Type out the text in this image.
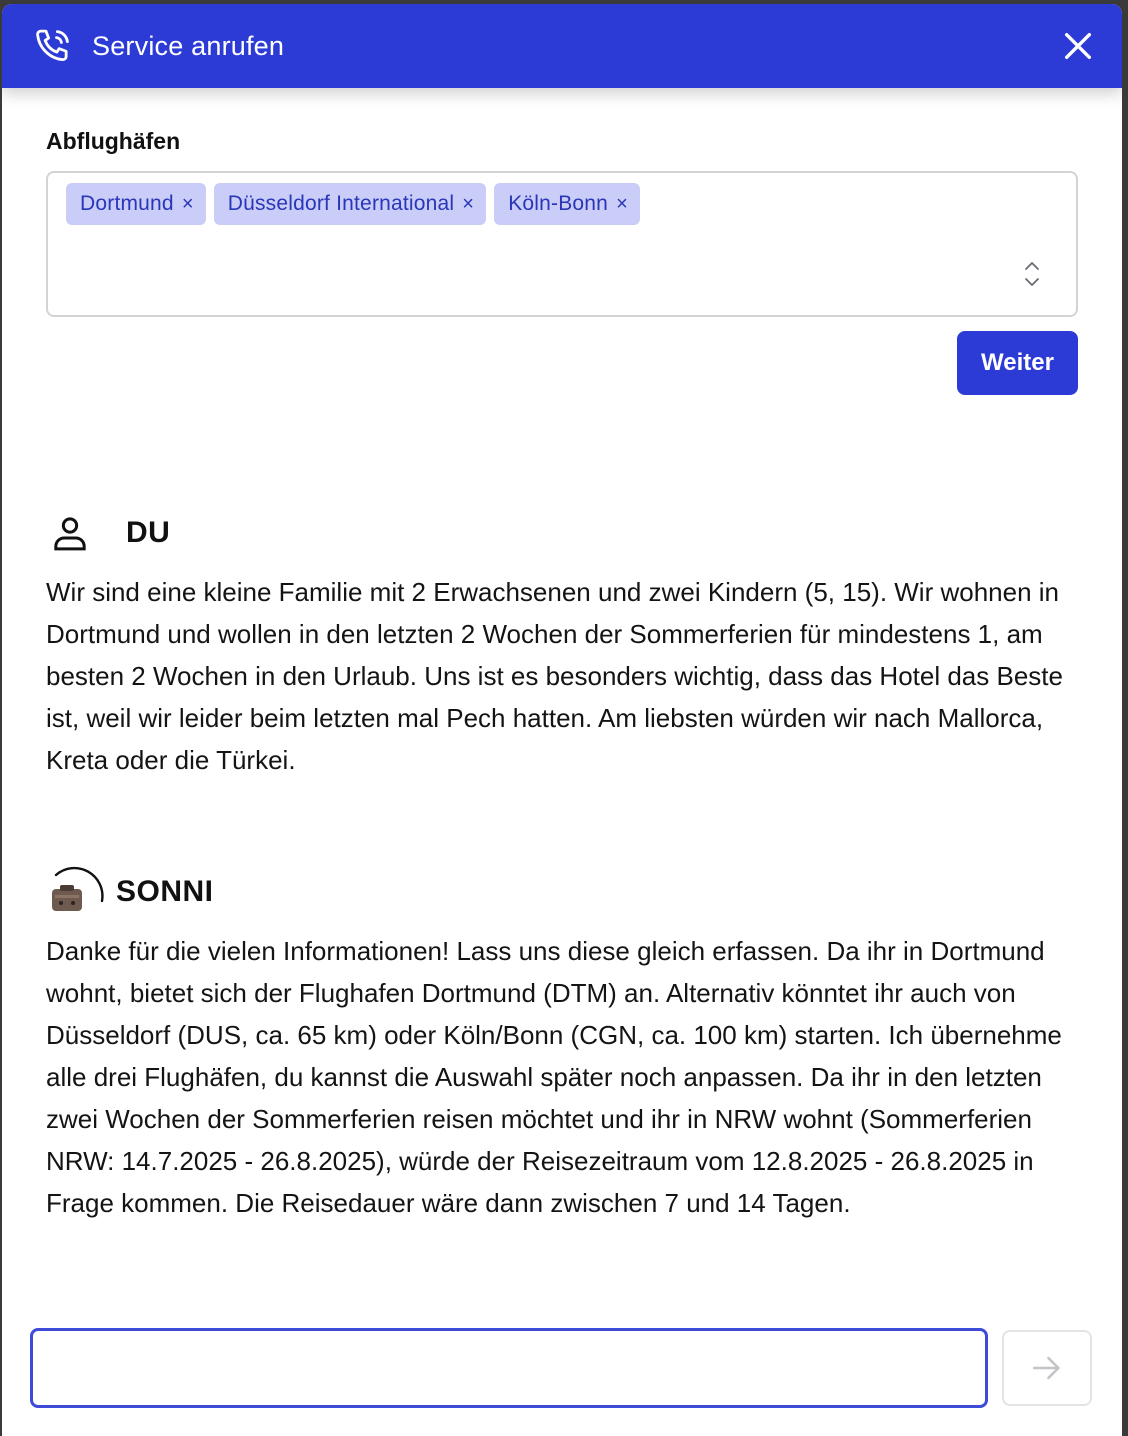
Service anrufen
Abflughäfen
Dortmund × Düsseldorf International × Köln-Bonn ×
Weiter
DU

Wir sind eine kleine Familie mit 2 Erwachsenen und zwei Kindern (5, 15). Wir wohnen in Dortmund und wollen in den letzten 2 Wochen der Sommerferien für mindestens 1, am besten 2 Wochen in den Urlaub. Uns ist es besonders wichtig, dass das Hotel das Beste ist, weil wir leider beim letzten mal Pech hatten. Am liebsten würden wir nach Mallorca, Kreta oder die Türkei.

SONNI

Danke für die vielen Informationen! Lass uns diese gleich erfassen. Da ihr in Dortmund wohnt, bietet sich der Flughafen Dortmund (DTM) an. Alternativ könntet ihr auch von Düsseldorf (DUS, ca. 65 km) oder Köln/Bonn (CGN, ca. 100 km) starten. Ich übernehme alle drei Flughäfen, du kannst die Auswahl später noch anpassen. Da ihr in den letzten zwei Wochen der Sommerferien reisen möchtet und ihr in NRW wohnt (Sommerferien NRW: 14.7.2025 - 26.8.2025), würde der Reisezeitraum vom 12.8.2025 - 26.8.2025 in Frage kommen. Die Reisedauer wäre dann zwischen 7 und 14 Tagen.
